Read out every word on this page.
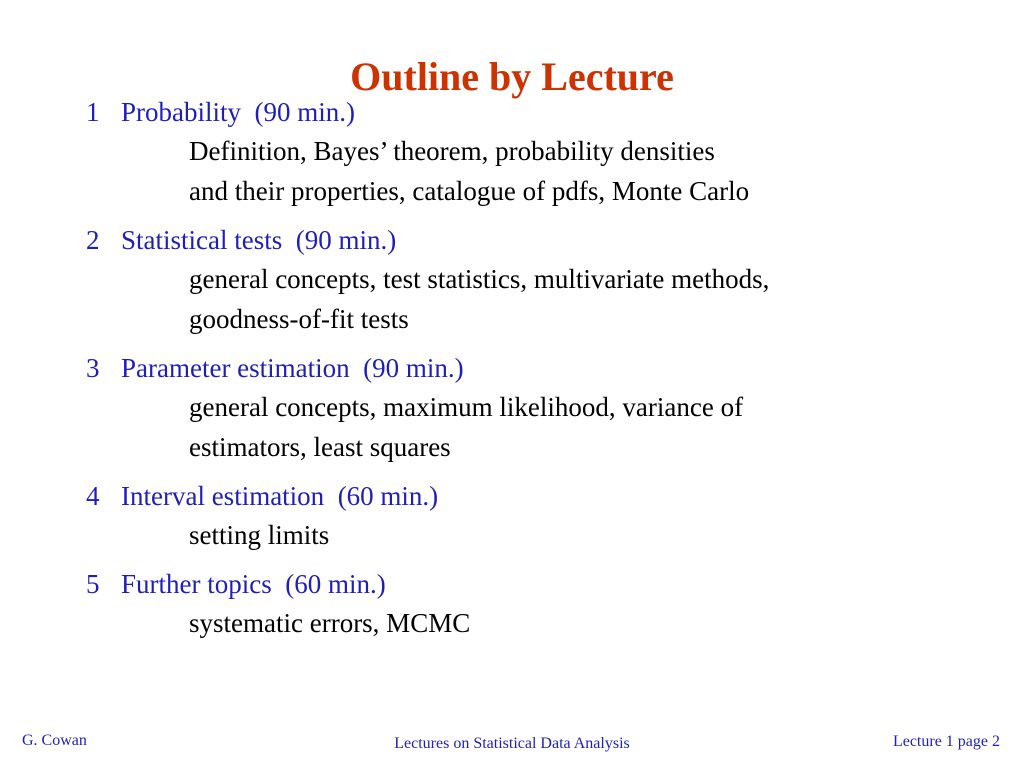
Outline by Lecture
1 Probability (90 min.)
Definition, Bayes’ theorem, probability densities
and their properties, catalogue of pdfs, Monte Carlo
2 Statistical tests (90 min.)
general concepts, test statistics, multivariate methods,
goodness-of-fit tests
3 Parameter estimation (90 min.)
general concepts, maximum likelihood, variance of
estimators, least squares
4 Interval estimation (60 min.)
setting limits
5 Further topics (60 min.)
systematic errors, MCMC
G. Cowan	Lectures on Statistical Data Analysis	Lecture 1 page 2
